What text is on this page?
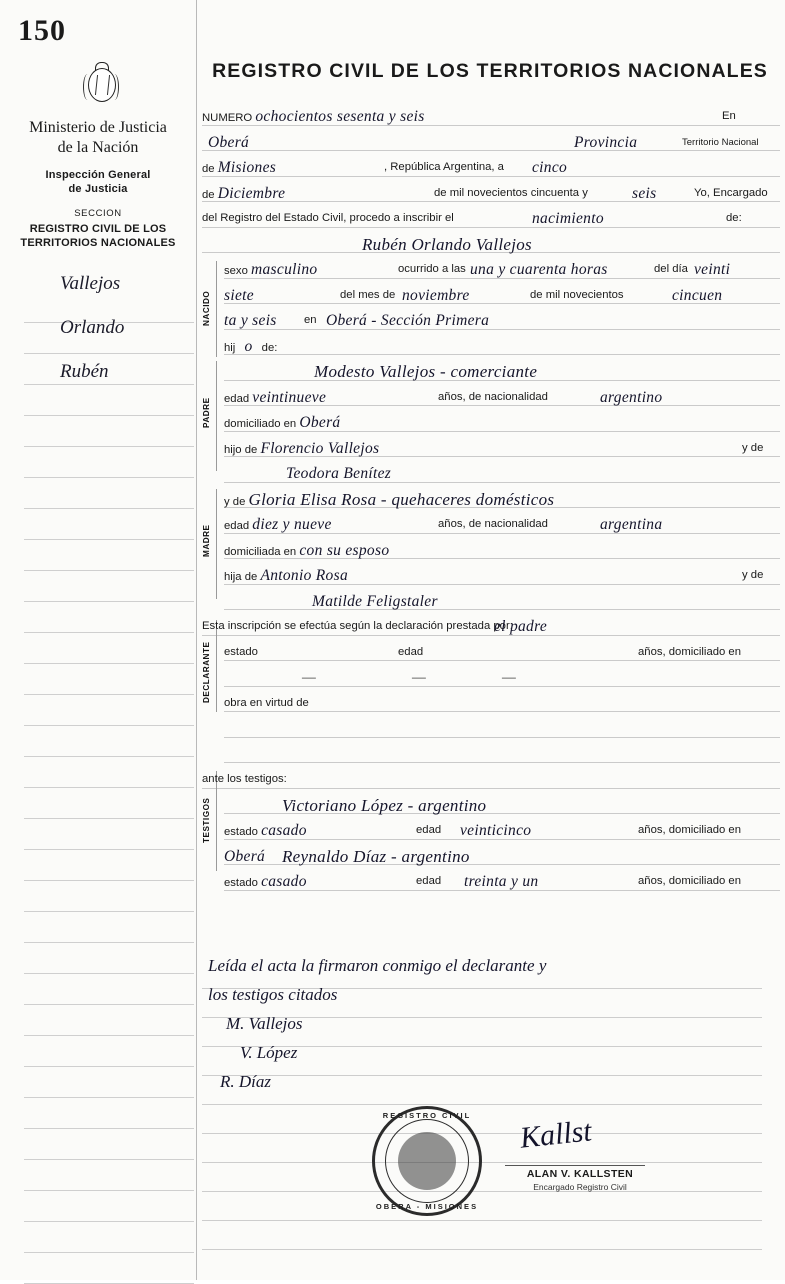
150
Ministerio de Justicia
de la Nación
Inspección General
de Justicia
SECCION
REGISTRO CIVIL DE LOS
TERRITORIOS NACIONALES
Vallejos
Orlando
Rubén
REGISTRO CIVIL DE LOS TERRITORIOS NACIONALES
NUMERO ochocientos sesenta y seis	En
Oberá	Provincia	Territorio Nacional
de Misiones	, República Argentina, a cinco
de Diciembre	de mil novecientos cincuenta y	seis	Yo, Encargado
del Registro del Estado Civil, procedo a inscribir el	nacimiento	de:
Rubén Orlando Vallejos
NACIDO
sexo masculino	ocurrido a las una y cuarenta horas	del día veinti
siete	del mes de noviembre	de mil novecientos	cincuen
ta y seis en Oberá - Sección Primera
hij o de:
PADRE
Modesto Vallejos - comerciante
edad veintinueve	años, de nacionalidad	argentino
domiciliado en Oberá
hijo de Florencio Vallejos	y de
Teodora Benítez
MADRE
y de Gloria Elisa Rosa - quehaceres domésticos
edad diez y nueve	años, de nacionalidad	argentina
domiciliada en con su esposo
hija de Antonio Rosa	y de
Matilde Feligstaler
Esta inscripción se efectúa según la declaración prestada por:
el padre
DECLARANTE	estado	edad	años, domiciliado en
—	—	—
obra en virtud de
ante los testigos:
TESTIGOS	Victoriano López - argentino
estado casado	edad veinticinco	años, domiciliado en
Oberá Reynaldo Díaz - argentino
estado casado	edad treinta y un	años, domiciliado en
Leída el acta la firmaron conmigo el declarante y
los testigos citados
M. Vallejos
V. López
R. Díaz
REGISTRO CIVIL
OBERA - MISIONES
Kallst
ALAN V. KALLSTEN
Encargado Registro Civil
